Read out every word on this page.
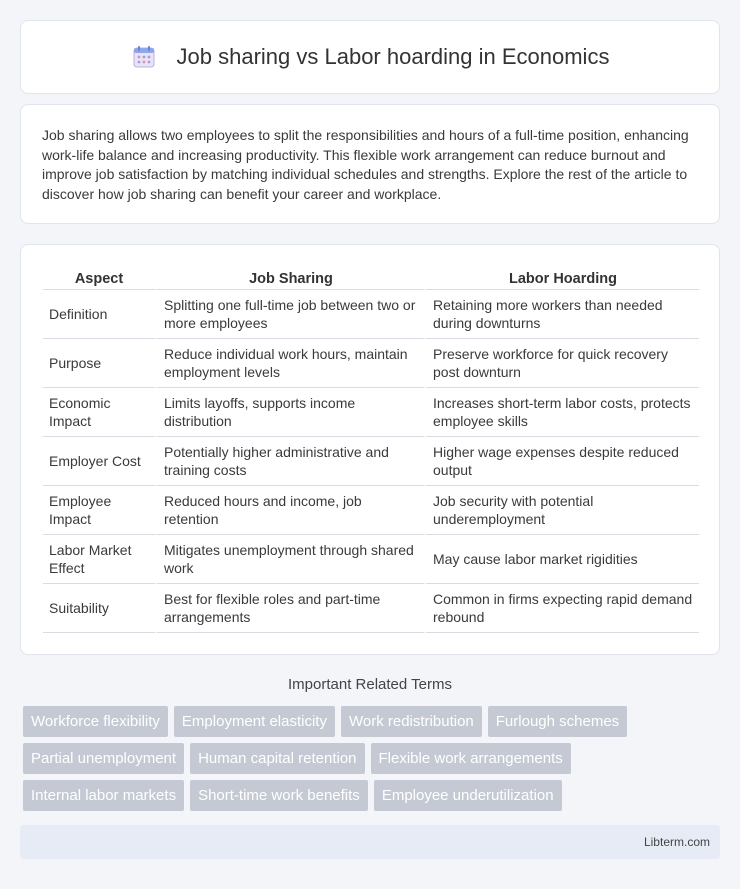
Job sharing vs Labor hoarding in Economics

Job sharing allows two employees to split the responsibilities and hours of a full-time position, enhancing work-life balance and increasing productivity. This flexible work arrangement can reduce burnout and improve job satisfaction by matching individual schedules and strengths. Explore the rest of the article to discover how job sharing can benefit your career and workplace.

Aspect	Job Sharing	Labor Hoarding
Definition	Splitting one full-time job between two or more employees	Retaining more workers than needed during downturns
Purpose	Reduce individual work hours, maintain employment levels	Preserve workforce for quick recovery post downturn
Economic Impact	Limits layoffs, supports income distribution	Increases short-term labor costs, protects employee skills
Employer Cost	Potentially higher administrative and training costs	Higher wage expenses despite reduced output
Employee Impact	Reduced hours and income, job retention	Job security with potential underemployment
Labor Market Effect	Mitigates unemployment through shared work	May cause labor market rigidities
Suitability	Best for flexible roles and part-time arrangements	Common in firms expecting rapid demand rebound
Important Related Terms
Workforce flexibility	Employment elasticity	Work redistribution	Furlough schemes
Partial unemployment	Human capital retention	Flexible work arrangements
Internal labor markets	Short-time work benefits	Employee underutilization
Libterm.com
